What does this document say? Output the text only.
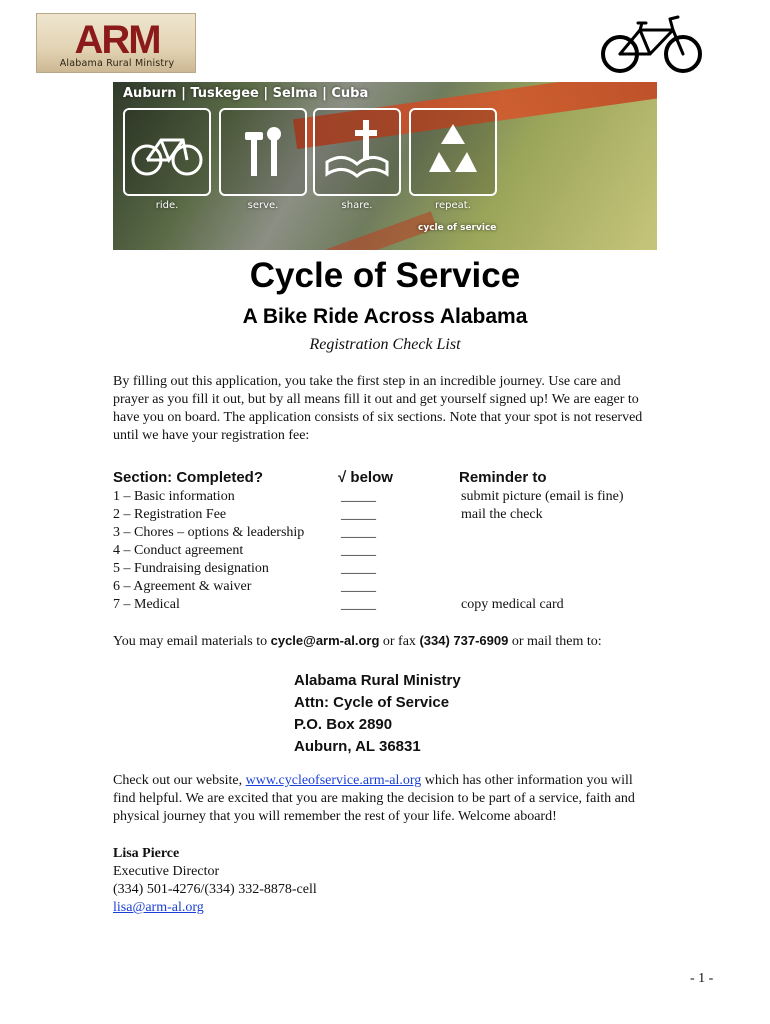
ARM
Alabama Rural Ministry
Auburn | Tuskegee | Selma | Cuba
ride.	serve.	share.	repeat.
cycle of service
Cycle of Service
A Bike Ride Across Alabama
Registration Check List

By filling out this application, you take the first step in an incredible journey. Use care and prayer as you fill it out, but by all means fill it out and get yourself signed up! We are eager to have you on board. The application consists of six sections. Note that your spot is not reserved until we have your registration fee:

Section: Completed?	√ below	Reminder to
1 – Basic information	_____	submit picture (email is fine)
2 – Registration Fee	_____	mail the check
3 – Chores – options & leadership	_____
4 – Conduct agreement	_____
5 – Fundraising designation	_____
6 – Agreement & waiver	_____
7 – Medical	_____	copy medical card

You may email materials to cycle@arm-al.org or fax (334) 737-6909 or mail them to:

Alabama Rural Ministry
Attn: Cycle of Service
P.O. Box 2890
Auburn, AL 36831

Check out our website, www.cycleofservice.arm-al.org which has other information you will find helpful. We are excited that you are making the decision to be part of a service, faith and physical journey that you will remember the rest of your life. Welcome aboard!

Lisa Pierce
Executive Director
(334) 501-4276/(334) 332-8878-cell
lisa@arm-al.org
- 1 -
